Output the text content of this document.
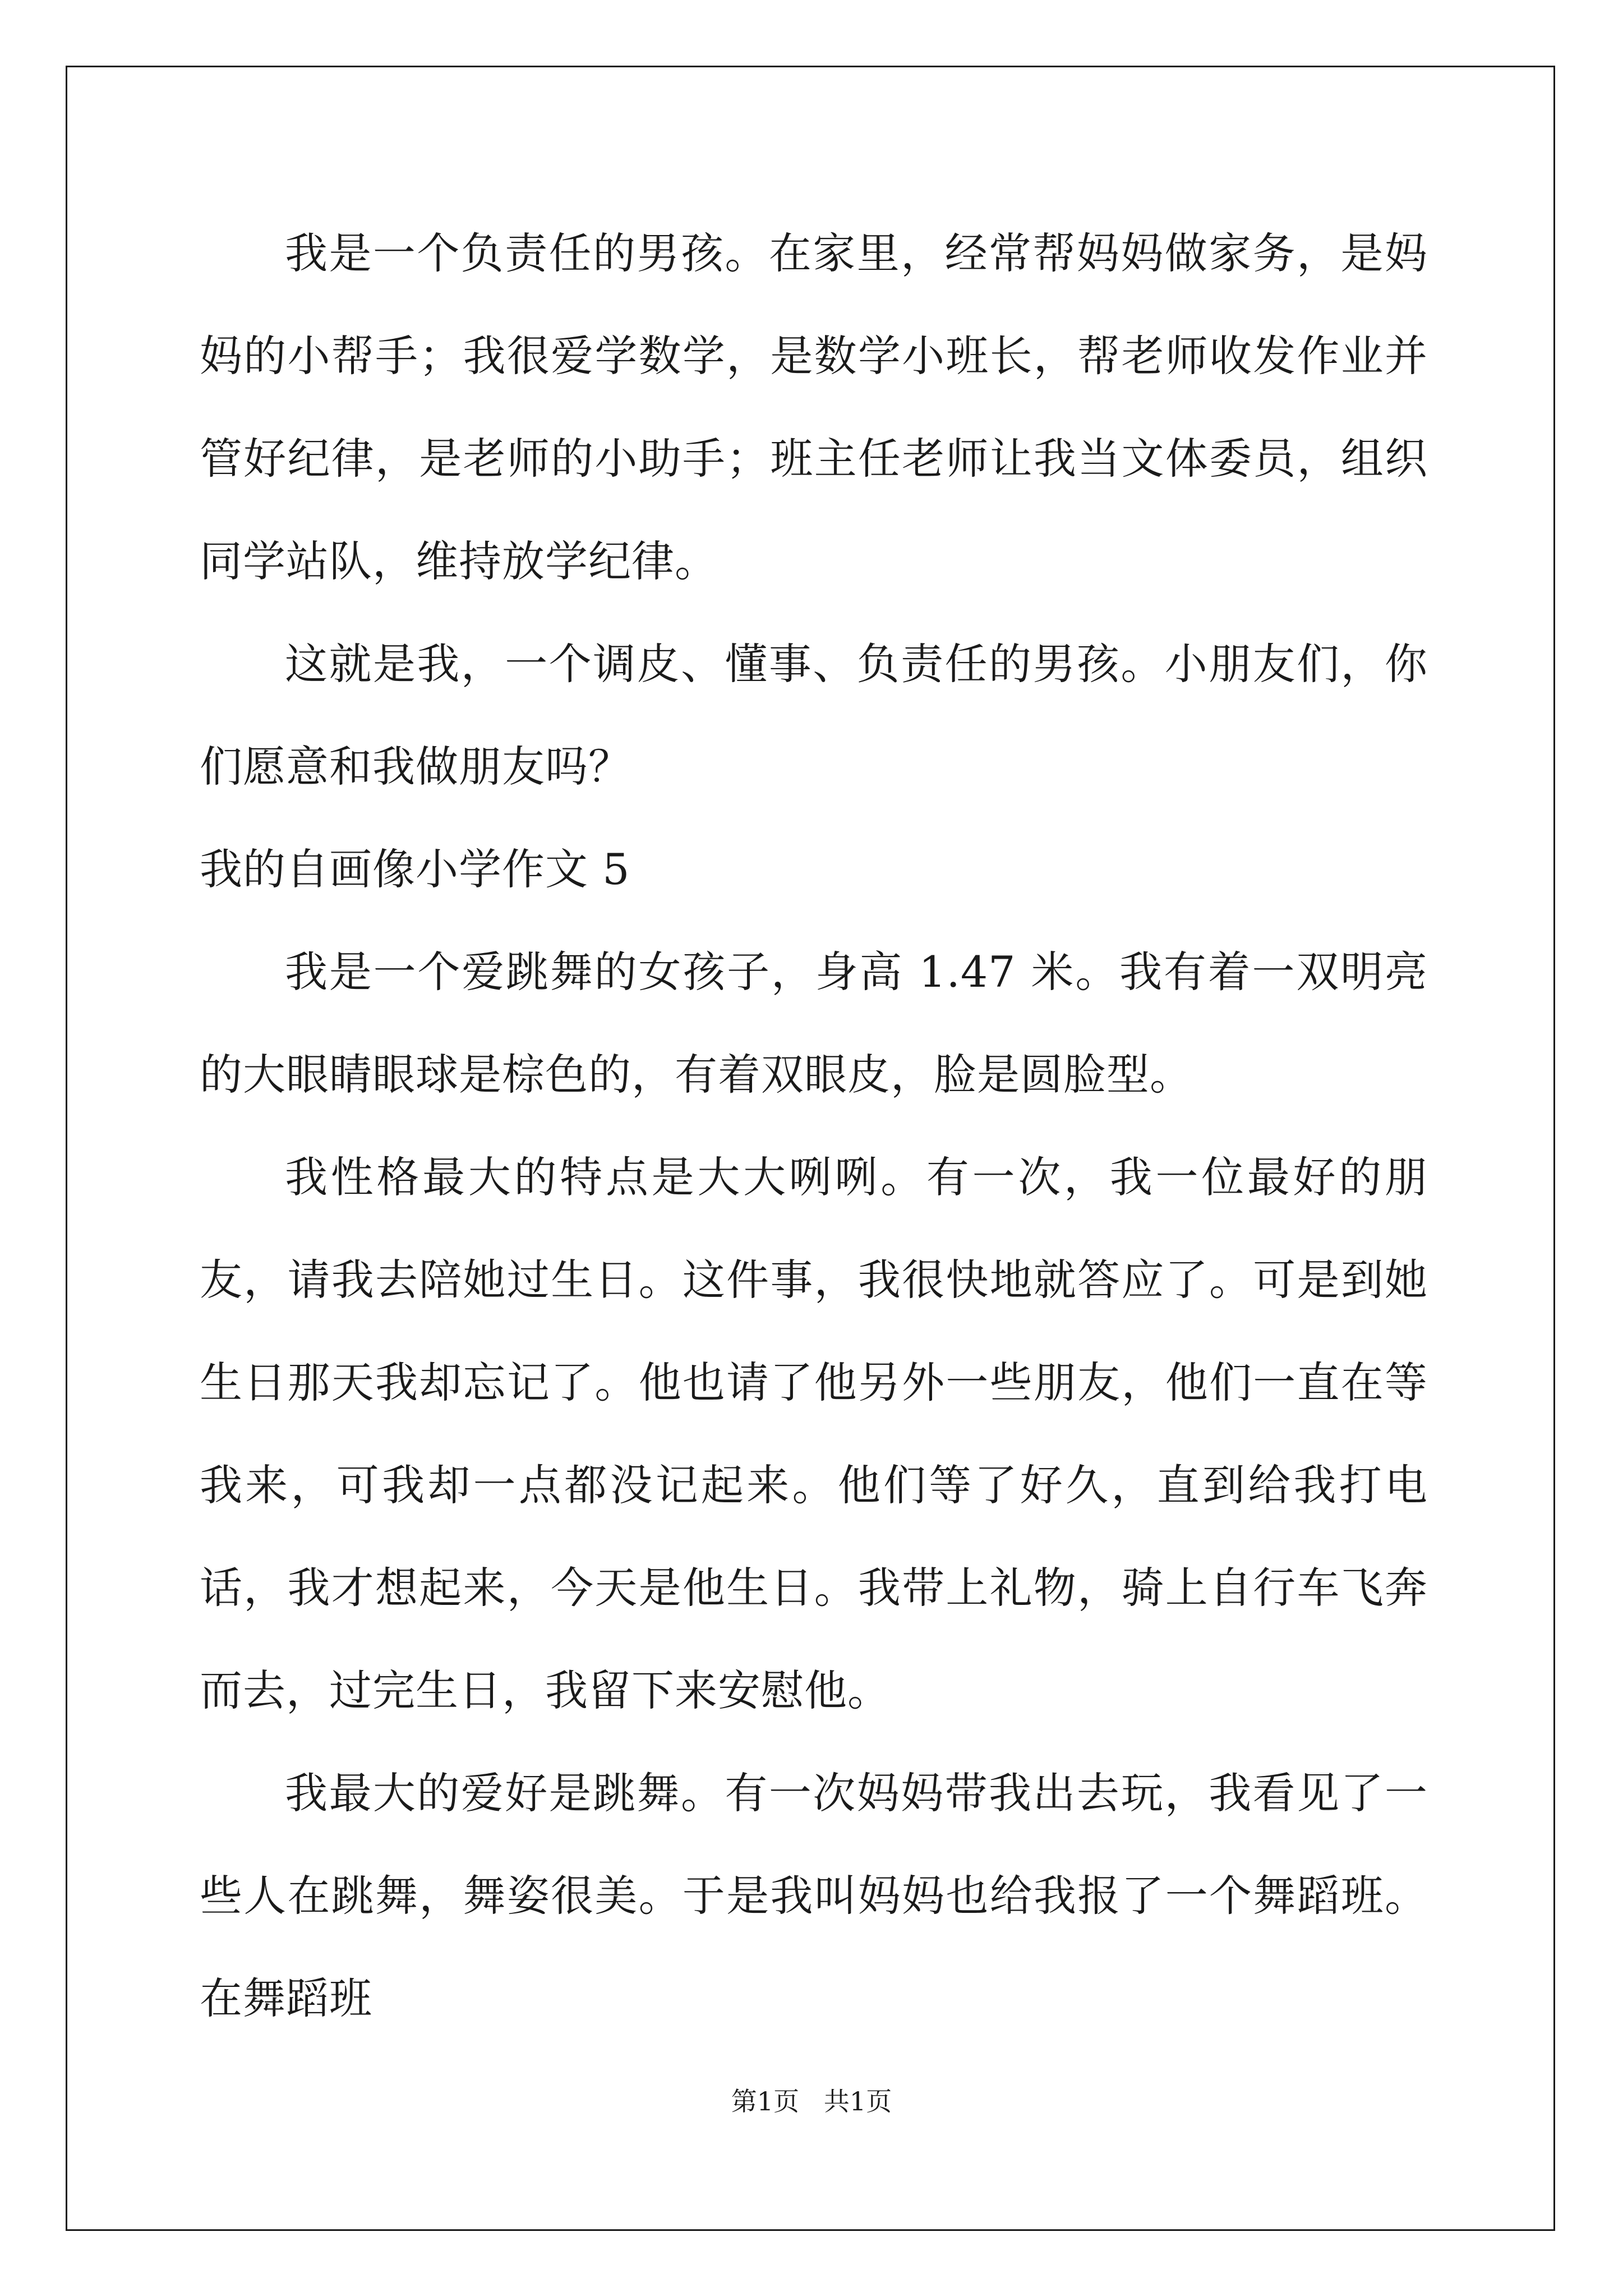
我是一个负责任的男孩。在家里，经常帮妈妈做家务，是妈妈的小帮手；我很爱学数学，是数学小班长，帮老师收发作业并管好纪律，是老师的小助手；班主任老师让我当文体委员，组织同学站队，维持放学纪律。

这就是我，一个调皮、懂事、负责任的男孩。小朋友们，你们愿意和我做朋友吗？

我的自画像小学作文 5

我是一个爱跳舞的女孩子，身高 1.47 米。我有着一双明亮的大眼睛眼球是棕色的，有着双眼皮，脸是圆脸型。

我性格最大的特点是大大咧咧。有一次，我一位最好的朋友，请我去陪她过生日。这件事，我很快地就答应了。可是到她生日那天我却忘记了。他也请了他另外一些朋友，他们一直在等我来，可我却一点都没记起来。他们等了好久，直到给我打电话，我才想起来，今天是他生日。我带上礼物，骑上自行车飞奔而去，过完生日，我留下来安慰他。

我最大的爱好是跳舞。有一次妈妈带我出去玩，我看见了一些人在跳舞，舞姿很美。于是我叫妈妈也给我报了一个舞蹈班。在舞蹈班

第1页   共1页
